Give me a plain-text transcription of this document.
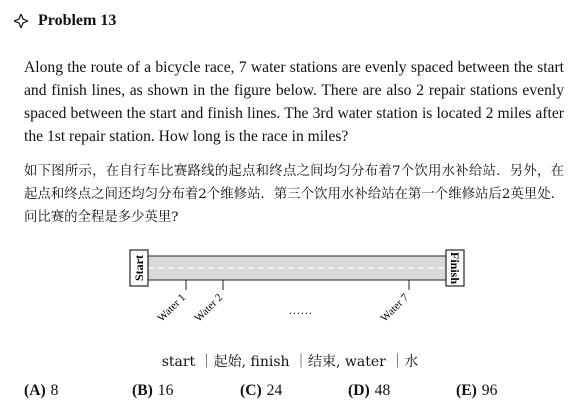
Problem 13
Along the route of a bicycle race, 7 water stations are evenly spaced between the start and finish lines, as shown in the figure below. There are also 2 repair stations evenly spaced between the start and finish lines. The 3rd water station is located 2 miles after the 1st repair station. How long is the race in miles?
如下图所示，在自行车比赛路线的起点和终点之间均匀分布着7个饮用水补给站．另外，在起点和终点之间还均匀分布着2个维修站．第三个饮用水补给站在第一个维修站后2英里处．问比赛的全程是多少英里?
Start	Finish
Water 1 Water 2	Water 7
......
start ｜起始, finish ｜结束, water ｜水
(A) 8	(B) 16	(C) 24	(D) 48	(E) 96
